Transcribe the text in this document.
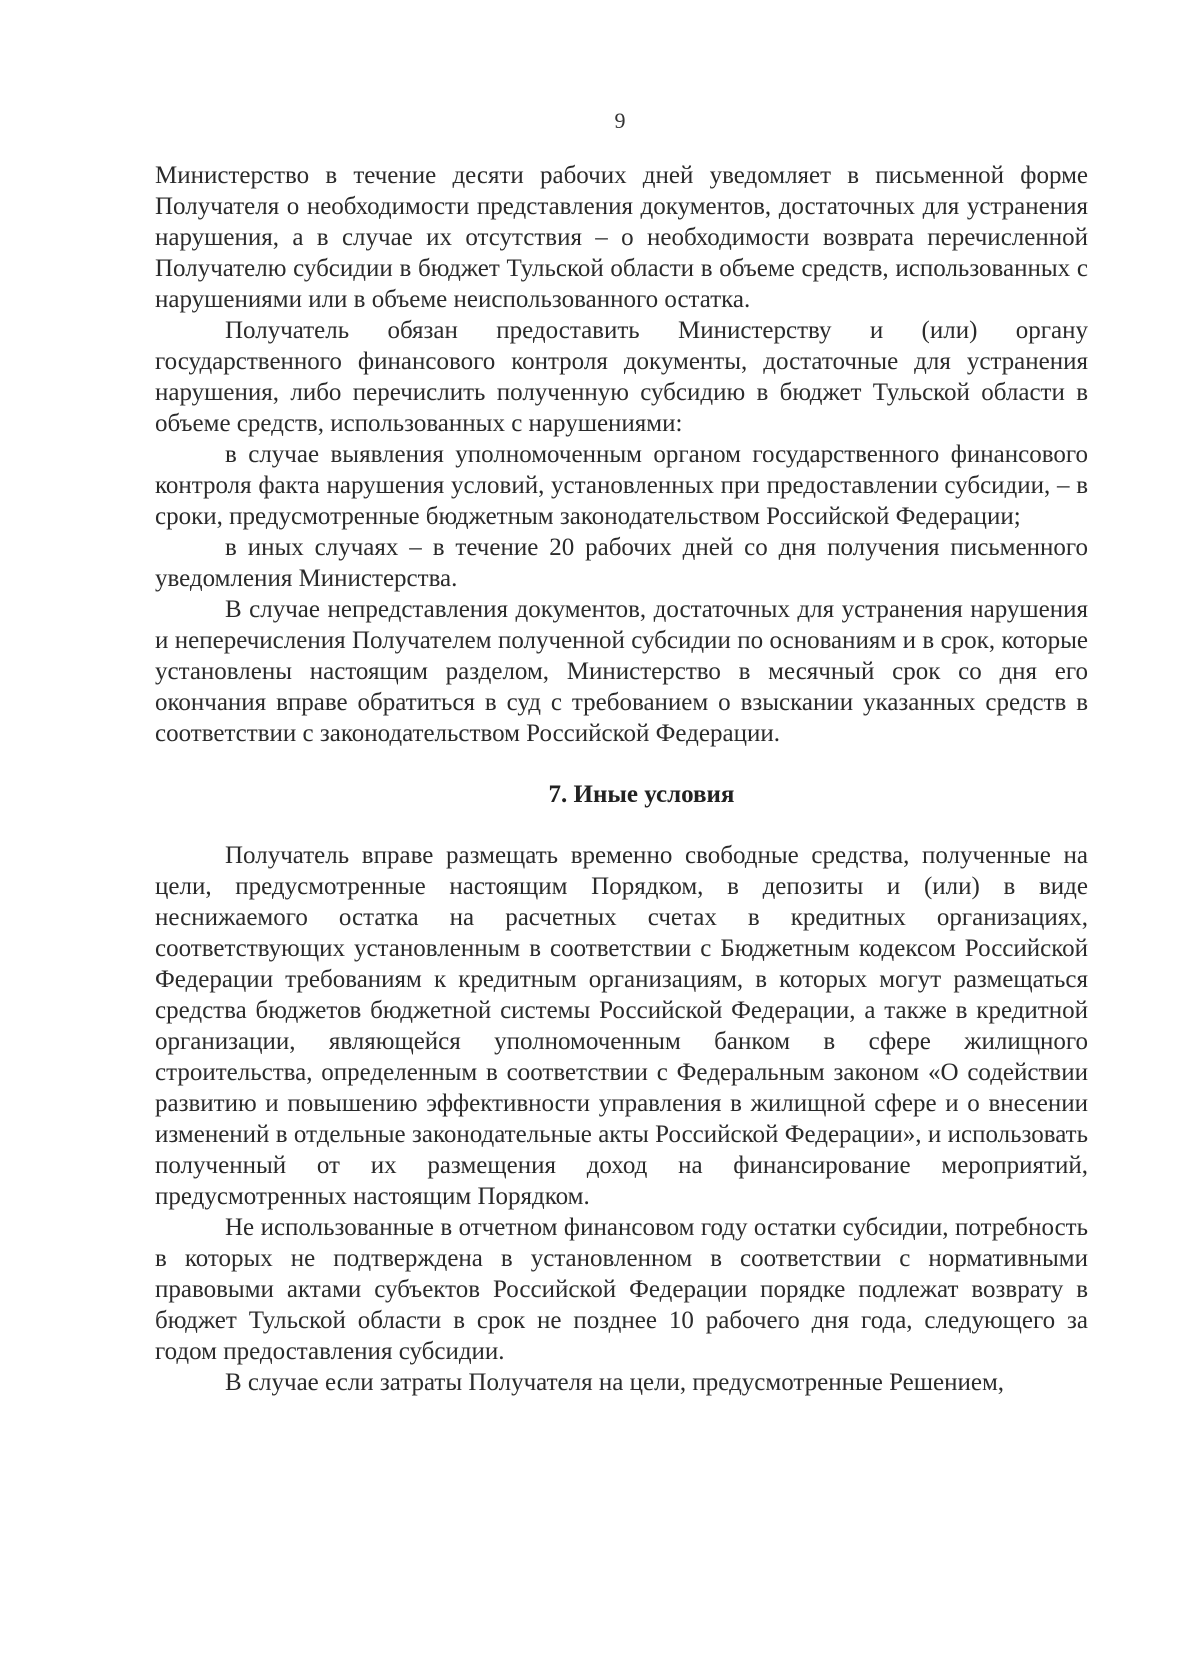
9

Министерство в течение десяти рабочих дней уведомляет в письменной форме Получателя о необходимости представления документов, достаточных для устранения нарушения, а в случае их отсутствия – о необходимости возврата перечисленной Получателю субсидии в бюджет Тульской области в объеме средств, использованных с нарушениями или в объеме неиспользованного остатка.

Получатель обязан предоставить Министерству и (или) органу государственного финансового контроля документы, достаточные для устранения нарушения, либо перечислить полученную субсидию в бюджет Тульской области в объеме средств, использованных с нарушениями:

в случае выявления уполномоченным органом государственного финансового контроля факта нарушения условий, установленных при предоставлении субсидии, – в сроки, предусмотренные бюджетным законодательством Российской Федерации;

в иных случаях – в течение 20 рабочих дней со дня получения письменного уведомления Министерства.

В случае непредставления документов, достаточных для устранения нарушения и неперечисления Получателем полученной субсидии по основаниям и в срок, которые установлены настоящим разделом, Министерство в месячный срок со дня его окончания вправе обратиться в суд с требованием о взыскании указанных средств в соответствии с законодательством Российской Федерации.

7. Иные условия

Получатель вправе размещать временно свободные средства, полученные на цели, предусмотренные настоящим Порядком, в депозиты и (или) в виде неснижаемого остатка на расчетных счетах в кредитных организациях, соответствующих установленным в соответствии с Бюджетным кодексом Российской Федерации требованиям к кредитным организациям, в которых могут размещаться средства бюджетов бюджетной системы Российской Федерации, а также в кредитной организации, являющейся уполномоченным банком в сфере жилищного строительства, определенным в соответствии с Федеральным законом «О содействии развитию и повышению эффективности управления в жилищной сфере и о внесении изменений в отдельные законодательные акты Российской Федерации», и использовать полученный от их размещения доход на финансирование мероприятий, предусмотренных настоящим Порядком.

Не использованные в отчетном финансовом году остатки субсидии, потребность в которых не подтверждена в установленном в соответствии с нормативными правовыми актами субъектов Российской Федерации порядке подлежат возврату в бюджет Тульской области в срок не позднее 10 рабочего дня года, следующего за годом предоставления субсидии.

В случае если затраты Получателя на цели, предусмотренные Решением,
